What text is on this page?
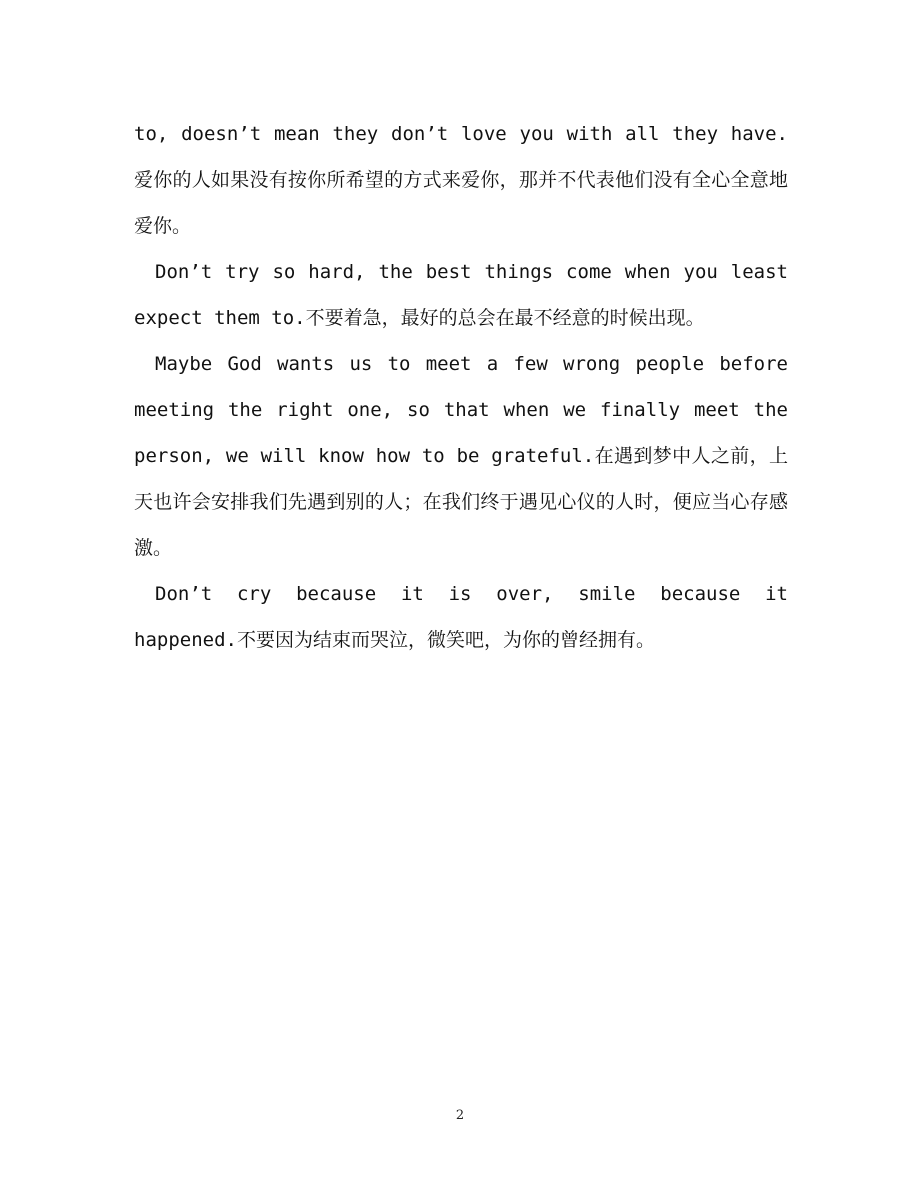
to, doesn’t mean they don’t love you with all they have.爱你的人如果没有按你所希望的方式来爱你，那并不代表他们没有全心全意地爱你。

Don’t try so hard, the best things come when you least expect them to.不要着急，最好的总会在最不经意的时候出现。

Maybe God wants us to meet a few wrong people before meeting the right one, so that when we finally meet the person, we will know how to be grateful.在遇到梦中人之前，上天也许会安排我们先遇到别的人；在我们终于遇见心仪的人时，便应当心存感激。

Don’t cry because it is over, smile because it happened.不要因为结束而哭泣，微笑吧，为你的曾经拥有。

2
